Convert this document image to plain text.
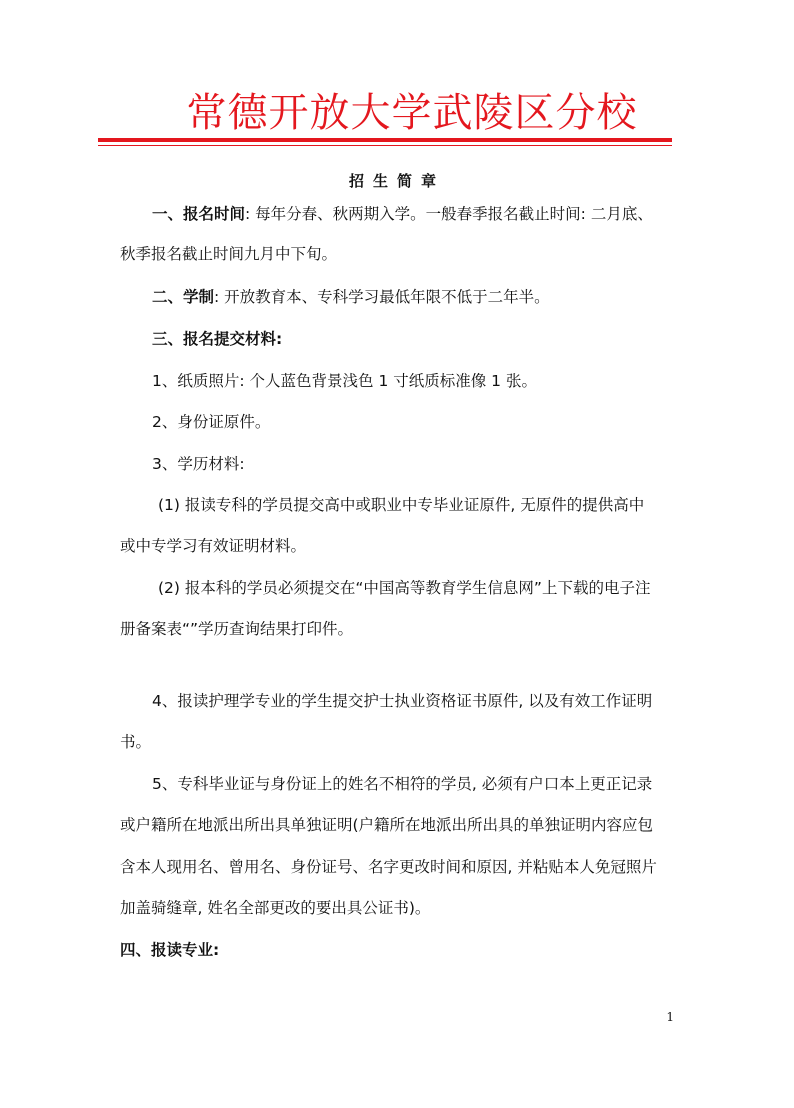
常德开放大学武陵区分校
招生简章
一、报名时间: 每年分春、秋两期入学。一般春季报名截止时间: 二月底、
秋季报名截止时间九月中下旬。
二、学制: 开放教育本、专科学习最低年限不低于二年半。
三、报名提交材料:
1、纸质照片: 个人蓝色背景浅色 1 寸纸质标准像 1 张。
2、身份证原件。
3、学历材料:
(1) 报读专科的学员提交高中或职业中专毕业证原件, 无原件的提供高中
或中专学习有效证明材料。
(2) 报本科的学员必须提交在“中国高等教育学生信息网”上下载的电子注
册备案表“”学历查询结果打印件。
4、报读护理学专业的学生提交护士执业资格证书原件, 以及有效工作证明
书。
5、专科毕业证与身份证上的姓名不相符的学员, 必须有户口本上更正记录
或户籍所在地派出所出具单独证明(户籍所在地派出所出具的单独证明内容应包
含本人现用名、曾用名、身份证号、名字更改时间和原因, 并粘贴本人免冠照片
加盖骑缝章, 姓名全部更改的要出具公证书)。
四、报读专业:
1
